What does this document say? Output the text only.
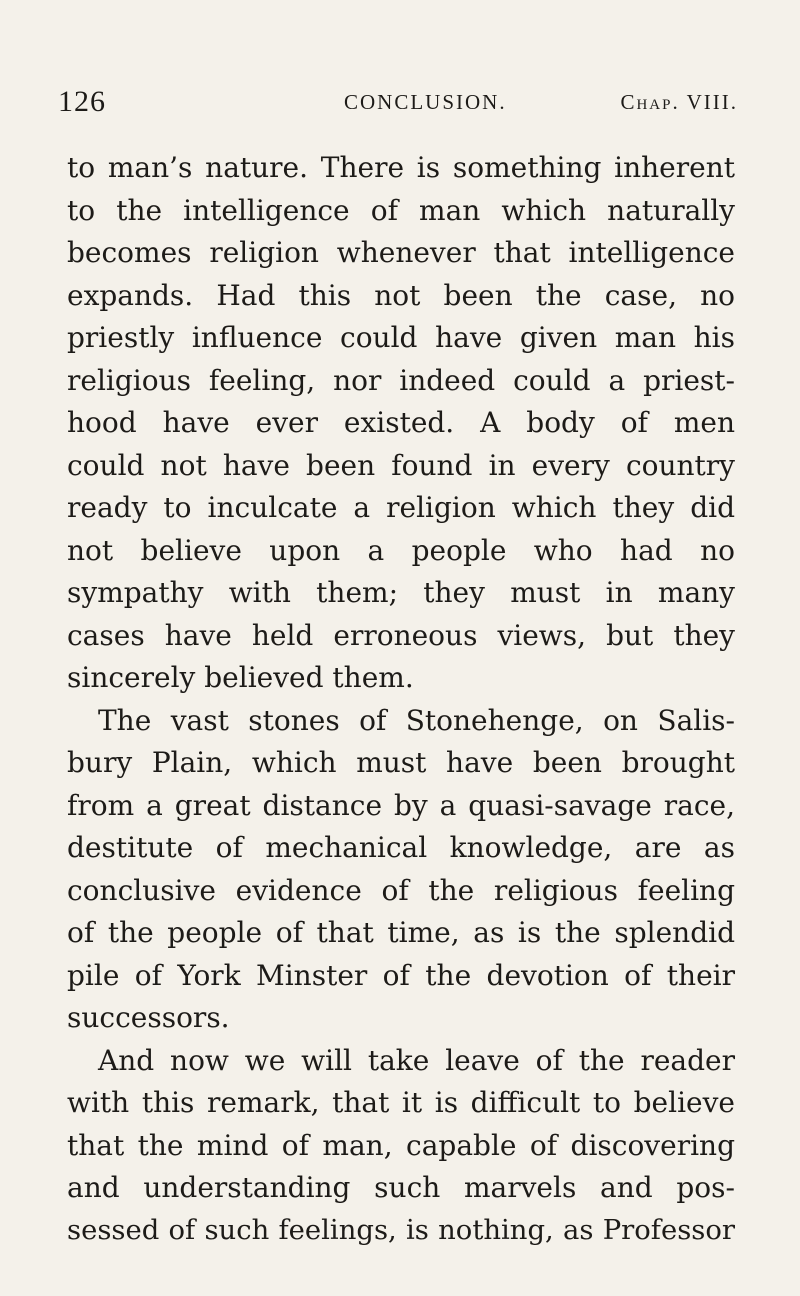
126	CONCLUSION.	Chap. VIII.
to man’s nature. There is something inherent
to the intelligence of man which naturally
becomes religion whenever that intelligence
expands. Had this not been the case, no
priestly influence could have given man his
religious feeling, nor indeed could a priest-
hood have ever existed. A body of men
could not have been found in every country
ready to inculcate a religion which they did
not believe upon a people who had no
sympathy with them; they must in many
cases have held erroneous views, but they
sincerely believed them.
The vast stones of Stonehenge, on Salis-
bury Plain, which must have been brought
from a great distance by a quasi-savage race,
destitute of mechanical knowledge, are as
conclusive evidence of the religious feeling
of the people of that time, as is the splendid
pile of York Minster of the devotion of their
successors.
And now we will take leave of the reader
with this remark, that it is difficult to believe
that the mind of man, capable of discovering
and understanding such marvels and pos-
sessed of such feelings, is nothing, as Professor
